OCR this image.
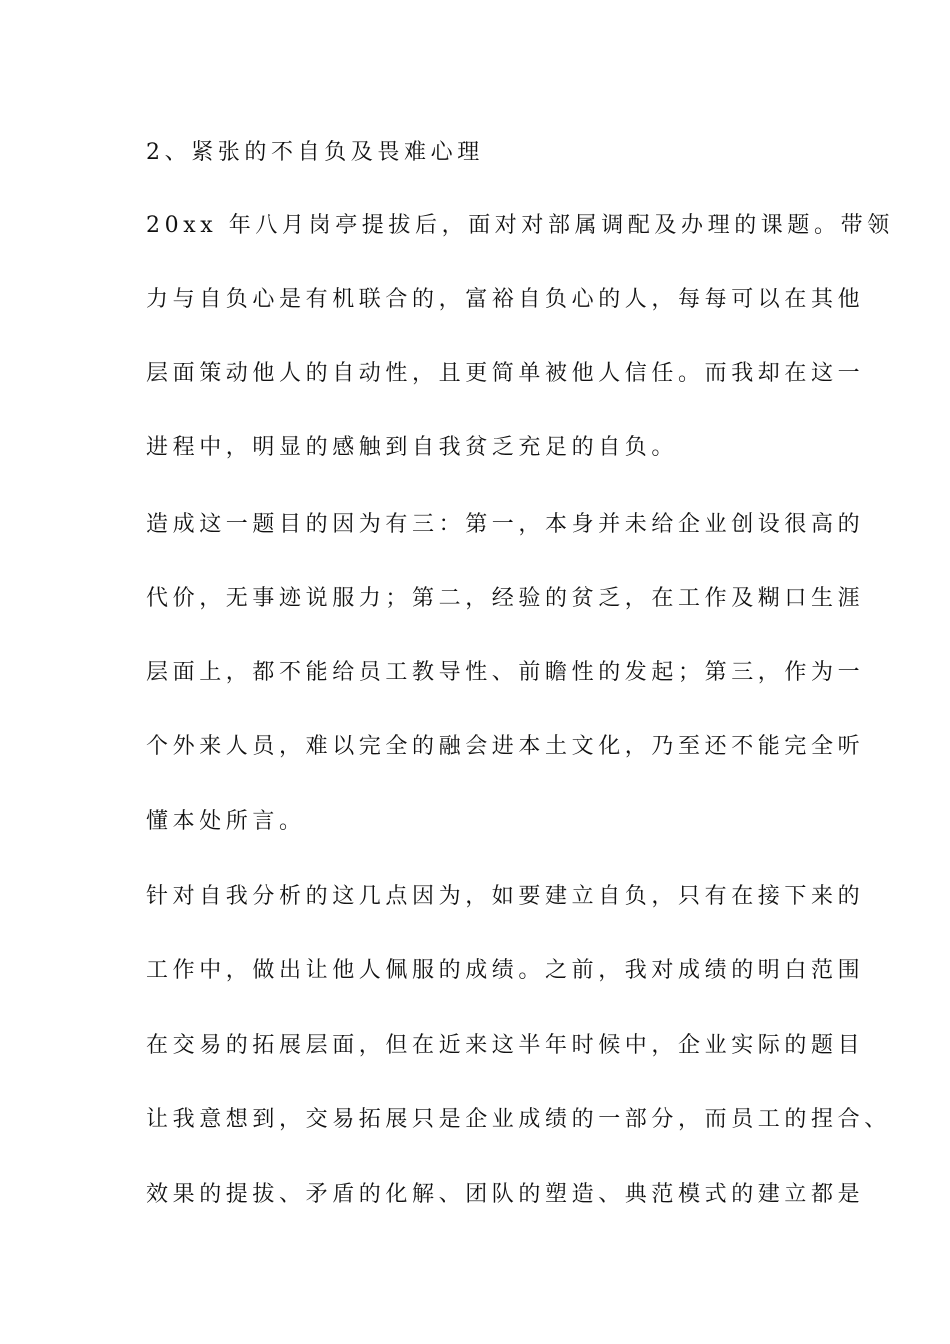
2、紧张的不自负及畏难心理
20xx 年八月岗亭提拔后，面对对部属调配及办理的课题。带领
力与自负心是有机联合的，富裕自负心的人，每每可以在其他
层面策动他人的自动性，且更简单被他人信任。而我却在这一
进程中，明显的感触到自我贫乏充足的自负。
造成这一题目的因为有三：第一，本身并未给企业创设很高的
代价，无事迹说服力；第二，经验的贫乏，在工作及糊口生涯
层面上，都不能给员工教导性、前瞻性的发起；第三，作为一
个外来人员，难以完全的融会进本土文化，乃至还不能完全听
懂本处所言。
针对自我分析的这几点因为，如要建立自负，只有在接下来的
工作中，做出让他人佩服的成绩。之前，我对成绩的明白范围
在交易的拓展层面，但在近来这半年时候中，企业实际的题目
让我意想到，交易拓展只是企业成绩的一部分，而员工的捏合、
效果的提拔、矛盾的化解、团队的塑造、典范模式的建立都是
